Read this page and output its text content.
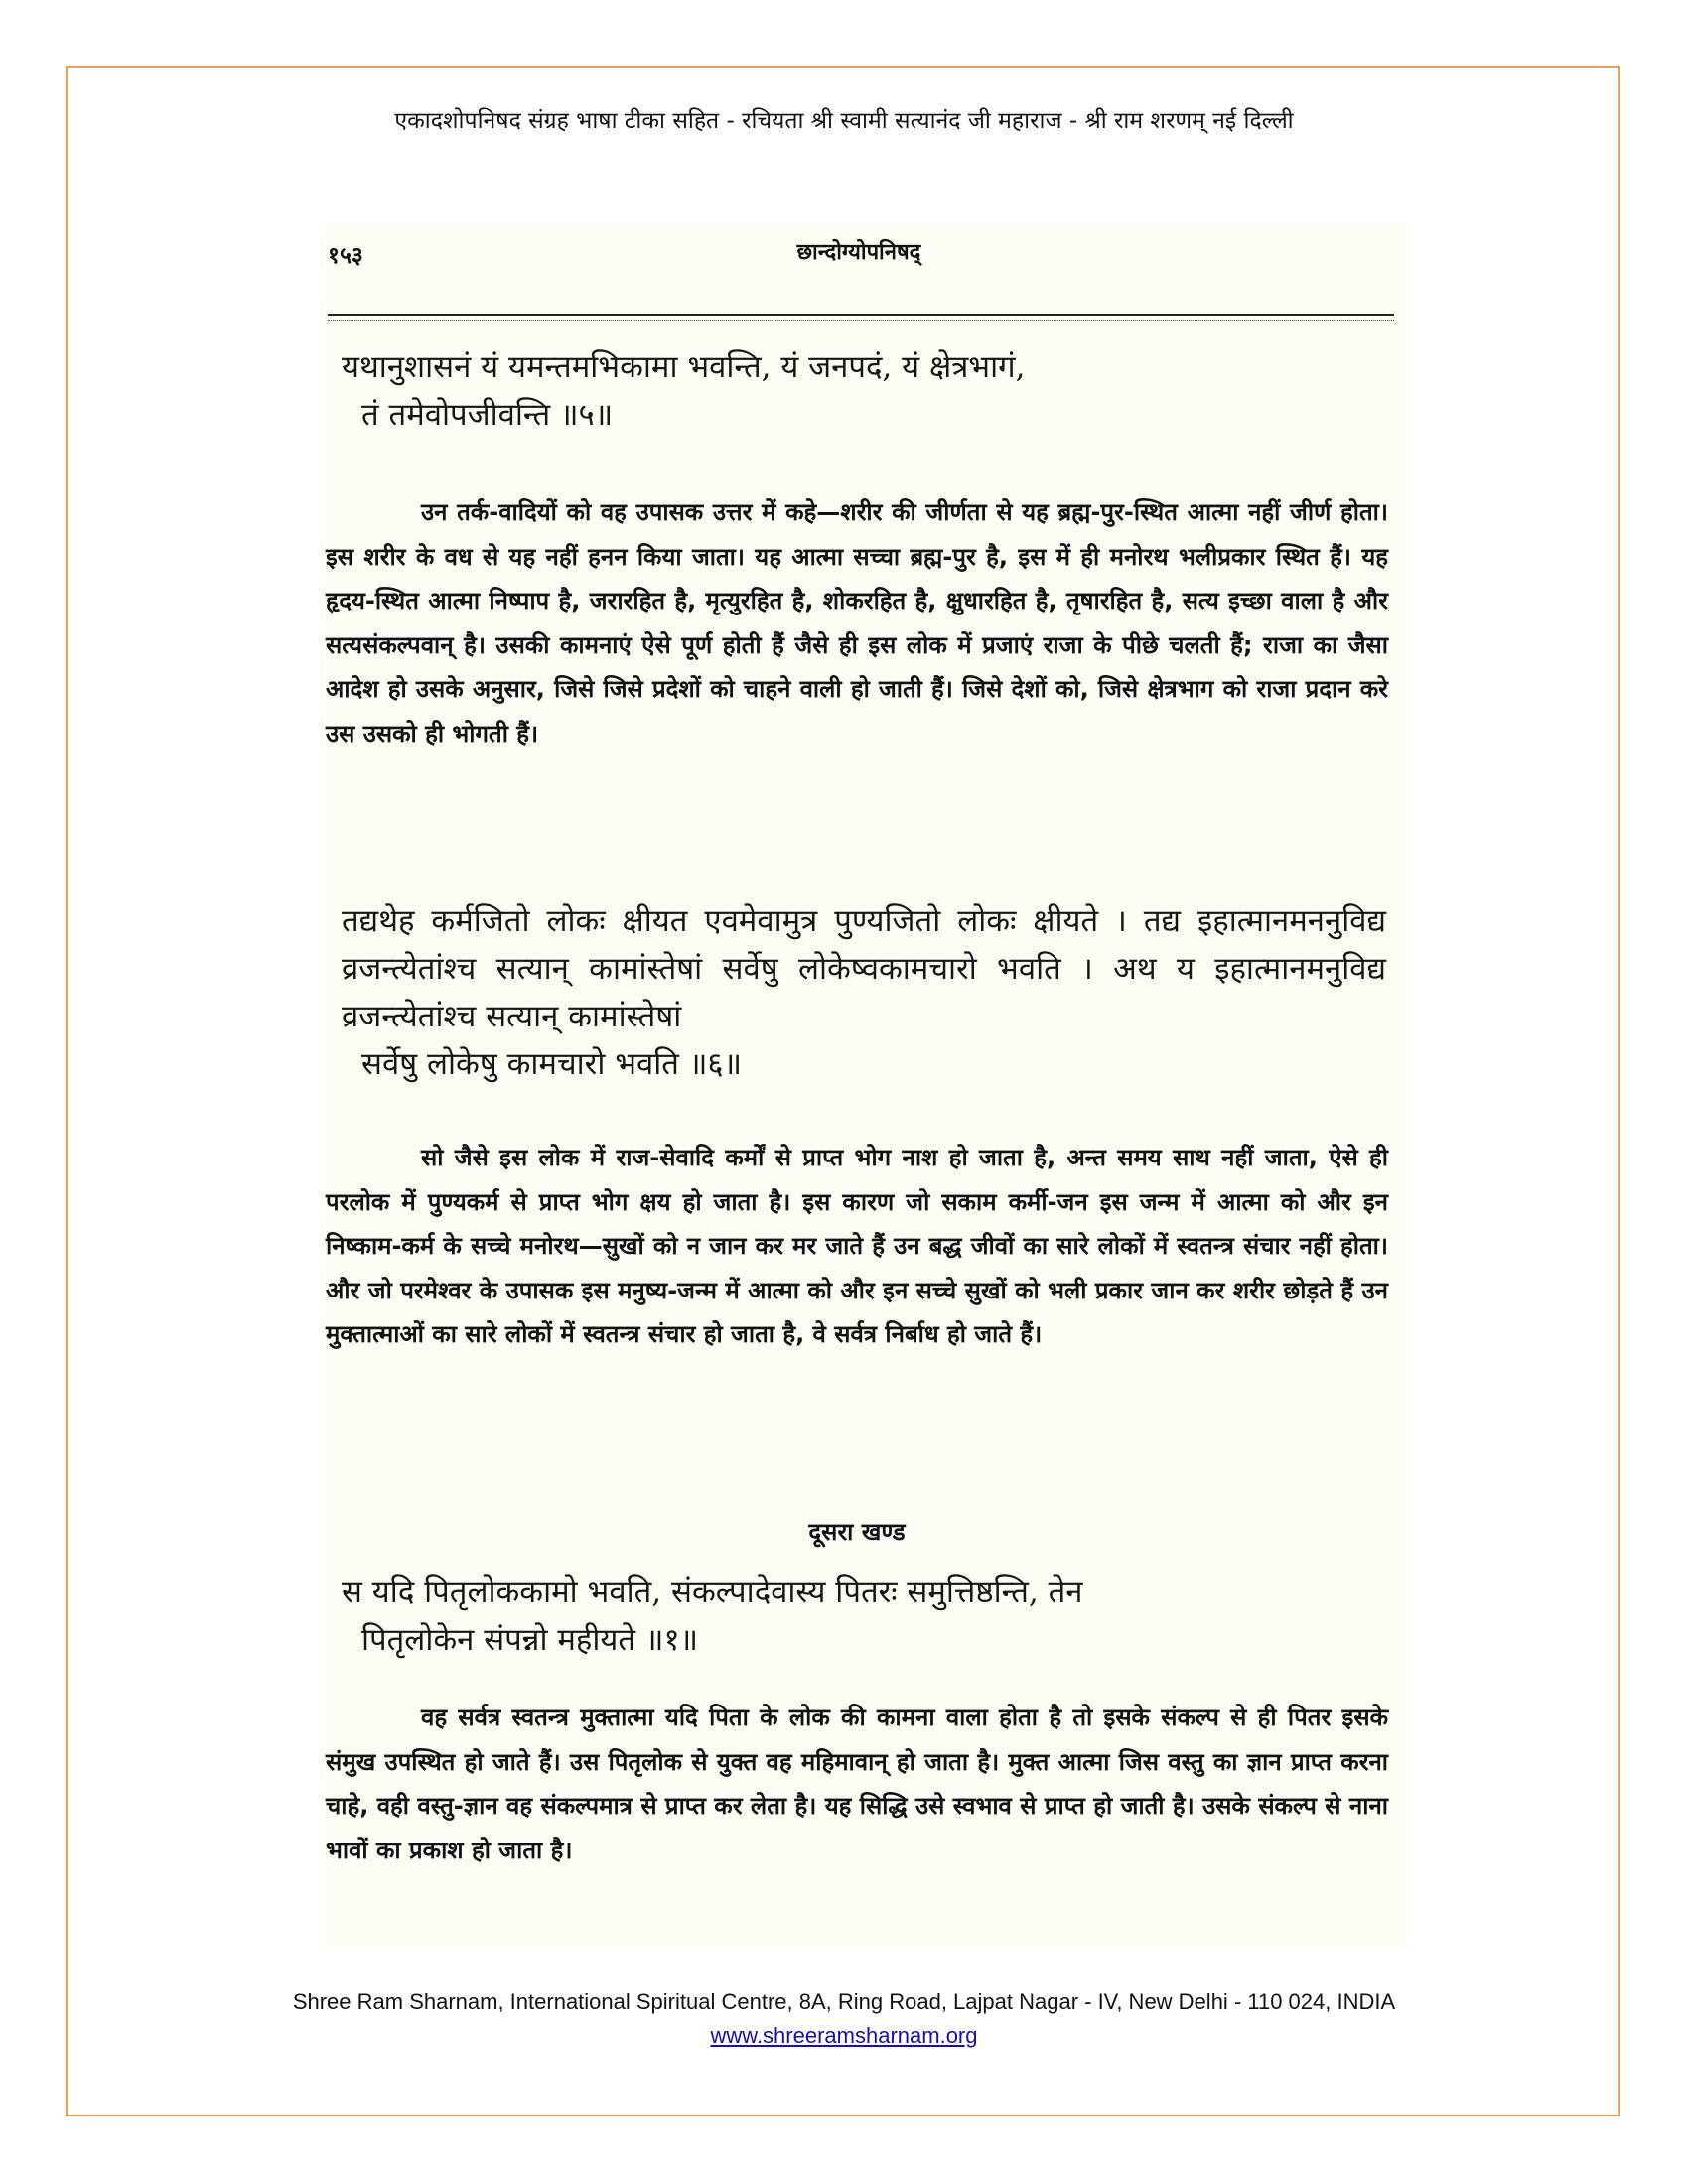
एकादशोपनिषद संग्रह भाषा टीका सहित - रचियता श्री स्वामी सत्यानंद जी महाराज - श्री राम शरणम् नई दिल्ली
१५३	छान्दोग्योपनिषद्
यथानुशासनं यं यमन्तमभिकामा भवन्ति, यं जनपदं, यं क्षेत्रभागं,
तं तमेवोपजीवन्ति ॥५॥
उन तर्क-वादियों को वह उपासक उत्तर में कहे—शरीर की जीर्णता से यह ब्रह्म-पुर-स्थित आत्मा नहीं जीर्ण होता। इस शरीर के वध से यह नहीं हनन किया जाता। यह आत्मा सच्चा ब्रह्म-पुर है, इस में ही मनोरथ भलीप्रकार स्थित हैं। यह हृदय-स्थित आत्मा निष्पाप है, जरारहित है, मृत्युरहित है, शोकरहित है, क्षुधारहित है, तृषारहित है, सत्य इच्छा वाला है और सत्यसंकल्पवान् है। उसकी कामनाएं ऐसे पूर्ण होती हैं जैसे ही इस लोक में प्रजाएं राजा के पीछे चलती हैं; राजा का जैसा आदेश हो उसके अनुसार, जिसे जिसे प्रदेशों को चाहने वाली हो जाती हैं। जिसे देशों को, जिसे क्षेत्रभाग को राजा प्रदान करे उस उसको ही भोगती हैं।
तद्यथेह कर्मजितो लोकः क्षीयत एवमेवामुत्र पुण्यजितो लोकः क्षीयते । तद्य इहात्मानमननुविद्य व्रजन्त्येतांश्च सत्यान् कामांस्तेषां सर्वेषु लोकेष्वकामचारो भवति । अथ य इहात्मानमनुविद्य व्रजन्त्येतांश्च सत्यान् कामांस्तेषां
सर्वेषु लोकेषु कामचारो भवति ॥६॥
सो जैसे इस लोक में राज-सेवादि कर्मों से प्राप्त भोग नाश हो जाता है, अन्त समय साथ नहीं जाता, ऐसे ही परलोक में पुण्यकर्म से प्राप्त भोग क्षय हो जाता है। इस कारण जो सकाम कर्मी-जन इस जन्म में आत्मा को और इन निष्काम-कर्म के सच्चे मनोरथ—सुखों को न जान कर मर जाते हैं उन बद्ध जीवों का सारे लोकों में स्वतन्त्र संचार नहीं होता। और जो परमेश्वर के उपासक इस मनुष्य-जन्म में आत्मा को और इन सच्चे सुखों को भली प्रकार जान कर शरीर छोड़ते हैं उन मुक्तात्माओं का सारे लोकों में स्वतन्त्र संचार हो जाता है, वे सर्वत्र निर्बाध हो जाते हैं।
दूसरा खण्ड
स यदि पितृलोककामो भवति, संकल्पादेवास्य पितरः समुत्तिष्ठन्ति, तेन
पितृलोकेन संपन्नो महीयते ॥१॥
वह सर्वत्र स्वतन्त्र मुक्तात्मा यदि पिता के लोक की कामना वाला होता है तो इसके संकल्प से ही पितर इसके संमुख उपस्थित हो जाते हैं। उस पितृलोक से युक्त वह महिमावान् हो जाता है। मुक्त आत्मा जिस वस्तु का ज्ञान प्राप्त करना चाहे, वही वस्तु-ज्ञान वह संकल्पमात्र से प्राप्त कर लेता है। यह सिद्धि उसे स्वभाव से प्राप्त हो जाती है। उसके संकल्प से नाना भावों का प्रकाश हो जाता है।
Shree Ram Sharnam, International Spiritual Centre, 8A, Ring Road, Lajpat Nagar - IV, New Delhi - 110 024, INDIA
www.shreeramsharnam.org
